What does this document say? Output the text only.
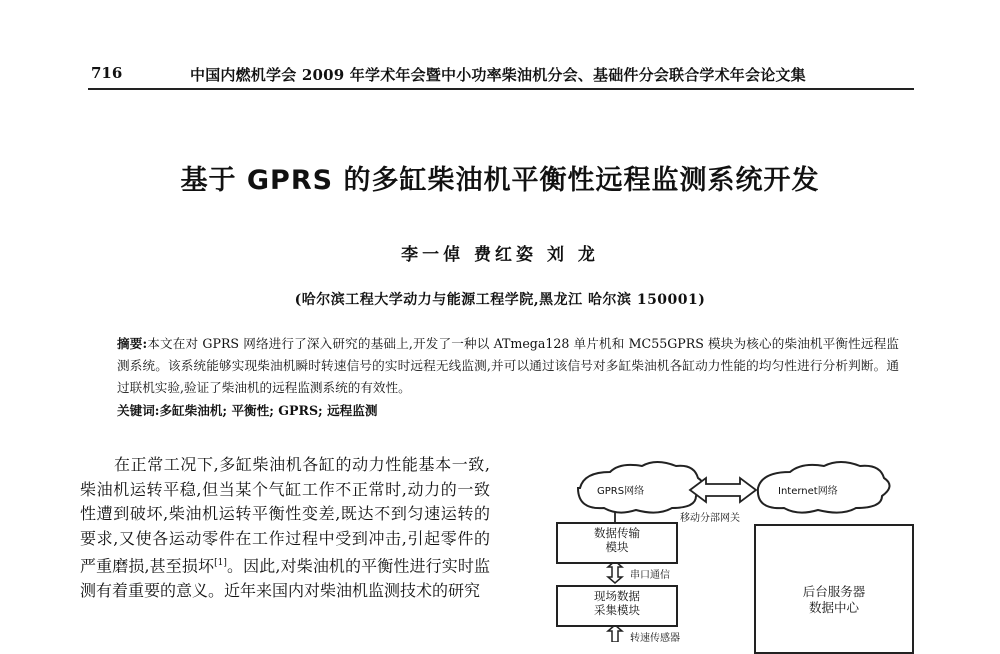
716	中国内燃机学会 2009 年学术年会暨中小功率柴油机分会、基础件分会联合学术年会论文集
基于 GPRS 的多缸柴油机平衡性远程监测系统开发
李一倬 费红姿 刘 龙
(哈尔滨工程大学动力与能源工程学院,黑龙江 哈尔滨 150001)
摘要:本文在对 GPRS 网络进行了深入研究的基础上,开发了一种以 ATmega128 单片机和 MC55GPRS 模块为核心的柴油机平衡性远程监测系统。该系统能够实现柴油机瞬时转速信号的实时远程无线监测,并可以通过该信号对多缸柴油机各缸动力性能的均匀性进行分析判断。通过联机实验,验证了柴油机的远程监测系统的有效性。
关键词:多缸柴油机; 平衡性; GPRS; 远程监测
在正常工况下,多缸柴油机各缸的动力性能基本一致,柴油机运转平稳,但当某个气缸工作不正常时,动力的一致性遭到破坏,柴油机运转平衡性变差,既达不到匀速运转的要求,又使各运动零件在工作过程中受到冲击,引起零件的严重磨损,甚至损坏[1]。因此,对柴油机的平衡性进行实时监测有着重要的意义。近年来国内对柴油机监测技术的研究
GPRS网络	Internet网络
移动分部网关
数据传输
模块
串口通信
现场数据
采集模块
转速传感器
后台服务器
数据中心
